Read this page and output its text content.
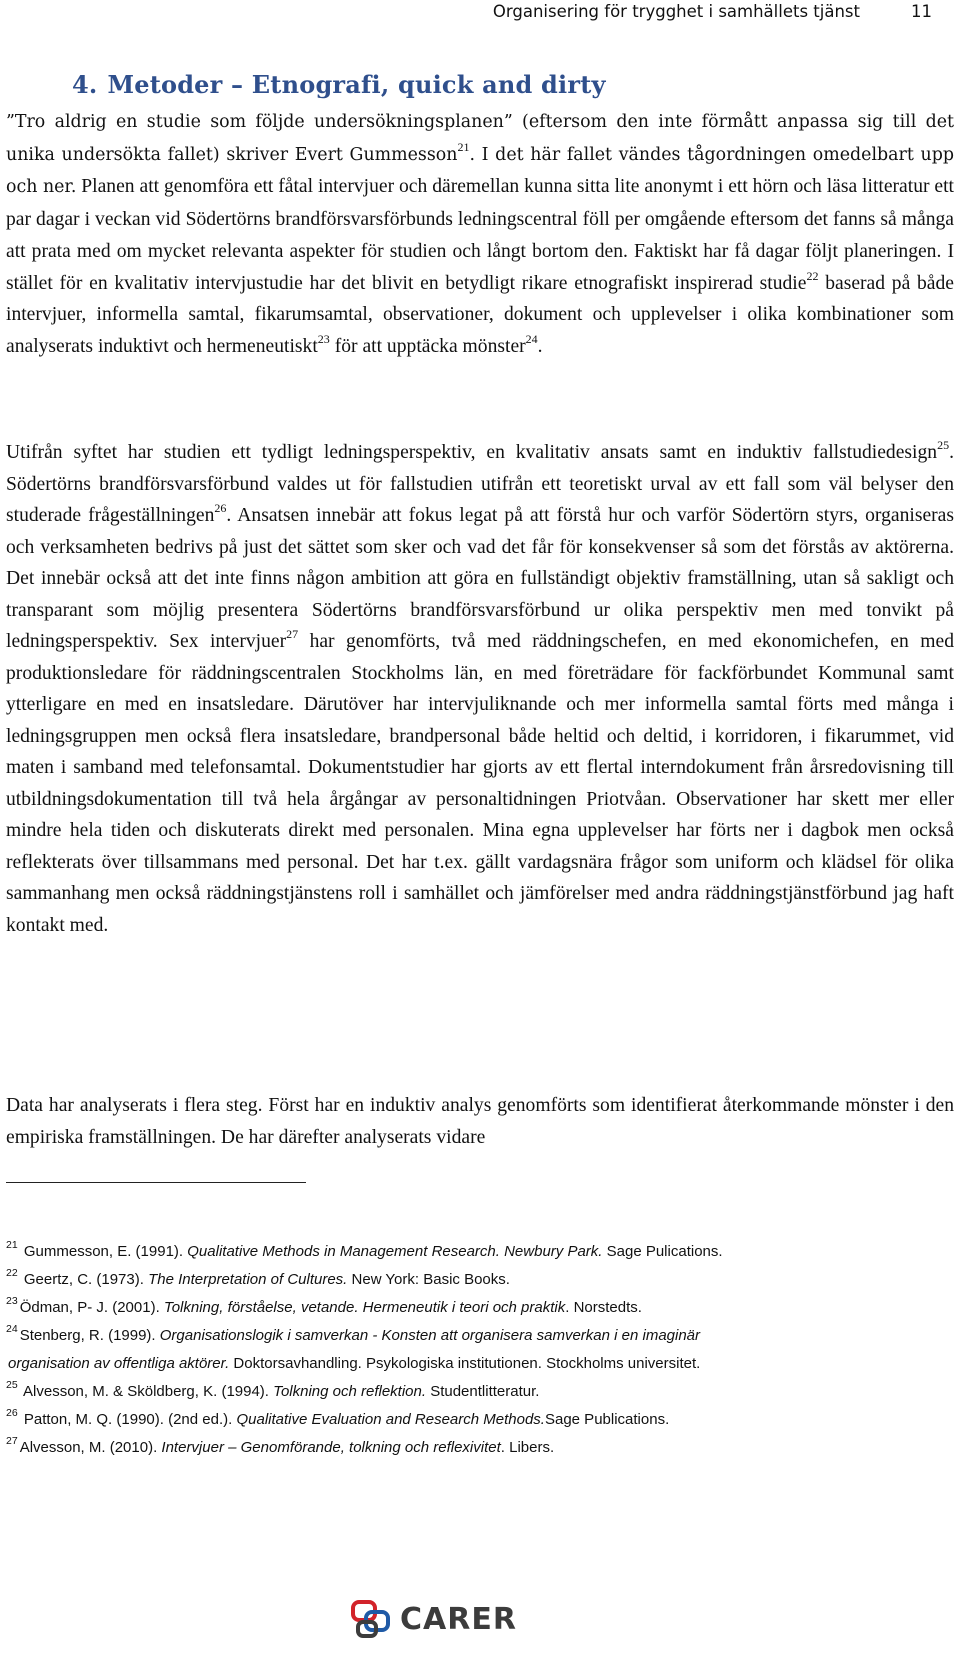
Organisering för trygghet i samhällets tjänst	11
4. Metoder – Etnografi, quick and dirty
”Tro aldrig en studie som följde undersökningsplanen” (eftersom den inte förmått anpassa sig till det unika undersökta fallet) skriver Evert Gummesson$^{21}$. I det här fallet vändes tågordningen omedelbart upp och ner. Planen att genomföra ett fåtal intervjuer och däremellan kunna sitta lite anonymt i ett hörn och läsa litteratur ett par dagar i veckan vid Södertörns brandförsvarsförbunds ledningscentral föll per omgående eftersom det fanns så många att prata med om mycket relevanta aspekter för studien och långt bortom den. Faktiskt har få dagar följt planeringen. I stället för en kvalitativ intervjustudie har det blivit en betydligt rikare etnografiskt inspirerad studie$^{22}$ baserad på både intervjuer, informella samtal, fikarumsamtal, observationer, dokument och upplevelser i olika kombinationer som analyserats induktivt och hermeneutiskt$^{23}$ för att upptäcka mönster$^{24}$.
Utifrån syftet har studien ett tydligt ledningsperspektiv, en kvalitativ ansats samt en induktiv fallstudiedesign$^{25}$. Södertörns brandförsvarsförbund valdes ut för fallstudien utifrån ett teoretiskt urval av ett fall som väl belyser den studerade frågeställningen$^{26}$. Ansatsen innebär att fokus legat på att förstå hur och varför Södertörn styrs, organiseras och verksamheten bedrivs på just det sättet som sker och vad det får för konsekvenser så som det förstås av aktörerna. Det innebär också att det inte finns någon ambition att göra en fullständigt objektiv framställning, utan så sakligt och transparant som möjlig presentera Södertörns brandförsvarsförbund ur olika perspektiv men med tonvikt på ledningsperspektiv. Sex intervjuer$^{27}$ har genomförts, två med räddningschefen, en med ekonomichefen, en med produktionsledare för räddningscentralen Stockholms län, en med företrädare för fackförbundet Kommunal samt ytterligare en med en insatsledare. Därutöver har intervjuliknande och mer informella samtal förts med många i ledningsgruppen men också flera insatsledare, brandpersonal både heltid och deltid, i korridoren, i fikarummet, vid maten i samband med telefonsamtal. Dokumentstudier har gjorts av ett flertal interndokument från årsredovisning till utbildningsdokumentation till två hela årgångar av personaltidningen Priotvåan. Observationer har skett mer eller mindre hela tiden och diskuterats direkt med personalen. Mina egna upplevelser har förts ner i dagbok men också reflekterats över tillsammans med personal. Det har t.ex. gällt vardagsnära frågor som uniform och klädsel för olika sammanhang men också räddningstjänstens roll i samhället och jämförelser med andra räddningstjänstförbund jag haft kontakt med.
Data har analyserats i flera steg. Först har en induktiv analys genomförts som identifierat återkommande mönster i den empiriska framställningen. De har därefter analyserats vidare
$^{21}$ Gummesson, E. (1991). Qualitative Methods in Management Research. Newbury Park. Sage Pulications.
$^{22}$ Geertz, C. (1973). The Interpretation of Cultures. New York: Basic Books.
$^{23}$ Ödman, P- J. (2001). Tolkning, förståelse, vetande. Hermeneutik i teori och praktik. Norstedts.
$^{24}$ Stenberg, R. (1999). Organisationslogik i samverkan - Konsten att organisera samverkan i en imaginär
organisation av offentliga aktörer. Doktorsavhandling. Psykologiska institutionen. Stockholms universitet.
$^{25}$ Alvesson, M. & Sköldberg, K. (1994). Tolkning och reflektion. Studentlitteratur.
$^{26}$ Patton, M. Q. (1990). (2nd ed.). Qualitative Evaluation and Research Methods.Sage Publications.
$^{27}$ Alvesson, M. (2010). Intervjuer – Genomförande, tolkning och reflexivitet. Libers.
CARER
